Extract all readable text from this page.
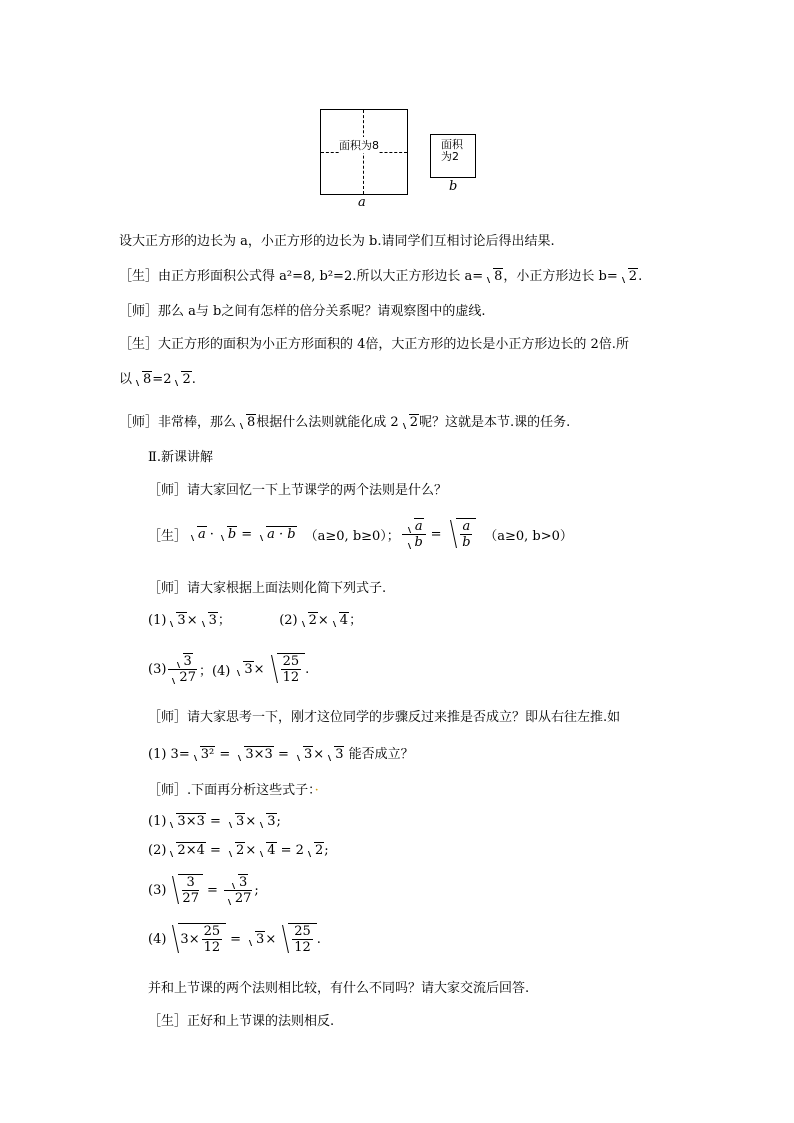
面积为8
a
面积为2
b
设大正方形的边长为 a，小正方形的边长为 b.请同学们互相讨论后得出结果.
［生］由正方形面积公式得 a²=8, b²=2.所以大正方形边长 a= 8，小正方形边长 b= 2.
［师］那么 a与 b之间有怎样的倍分关系呢？请观察图中的虚线.
［生］大正方形的面积为小正方形面积的 4倍，大正方形的边长是小正方形边长的 2倍.所
以 8=2 2.
［师］非常棒，那么 8根据什么法则就能化成 2 2呢？这就是本节.课的任务.
Ⅱ.新课讲解
［师］请大家回忆一下上节课学的两个法则是什么？
［生］ a ·	b =	a · b （a≥0, b≥0）； $\frac{a}{b} = \frac{a}{b} (a\ge 0$, b>0）
［师］请大家根据上面法则化简下列式子.
(1) 3× 3；	(2) 2× 4；
$(3) \frac{3}{27}$ ；(4)	$3 \times \frac{25}{12}$ .
［师］请大家思考一下，刚才这位同学的步骤反过来推是否成立？即从右往左推.如
(1) 3= 3² = 3×3 = 3× 3 能否成立？
［师］.下面再分析这些式子：·
(1) 3×3 = 3× 3;
(2) 2×4 = 2× 4 = 2 2;
$(3) \frac{3}{27} = \frac{3}{27}$ ;
(4)	$3\times \frac{25}{12}$ =	$3 \times \frac{25}{12}$ .
并和上节课的两个法则相比较，有什么不同吗？请大家交流后回答.
［生］正好和上节课的法则相反.
